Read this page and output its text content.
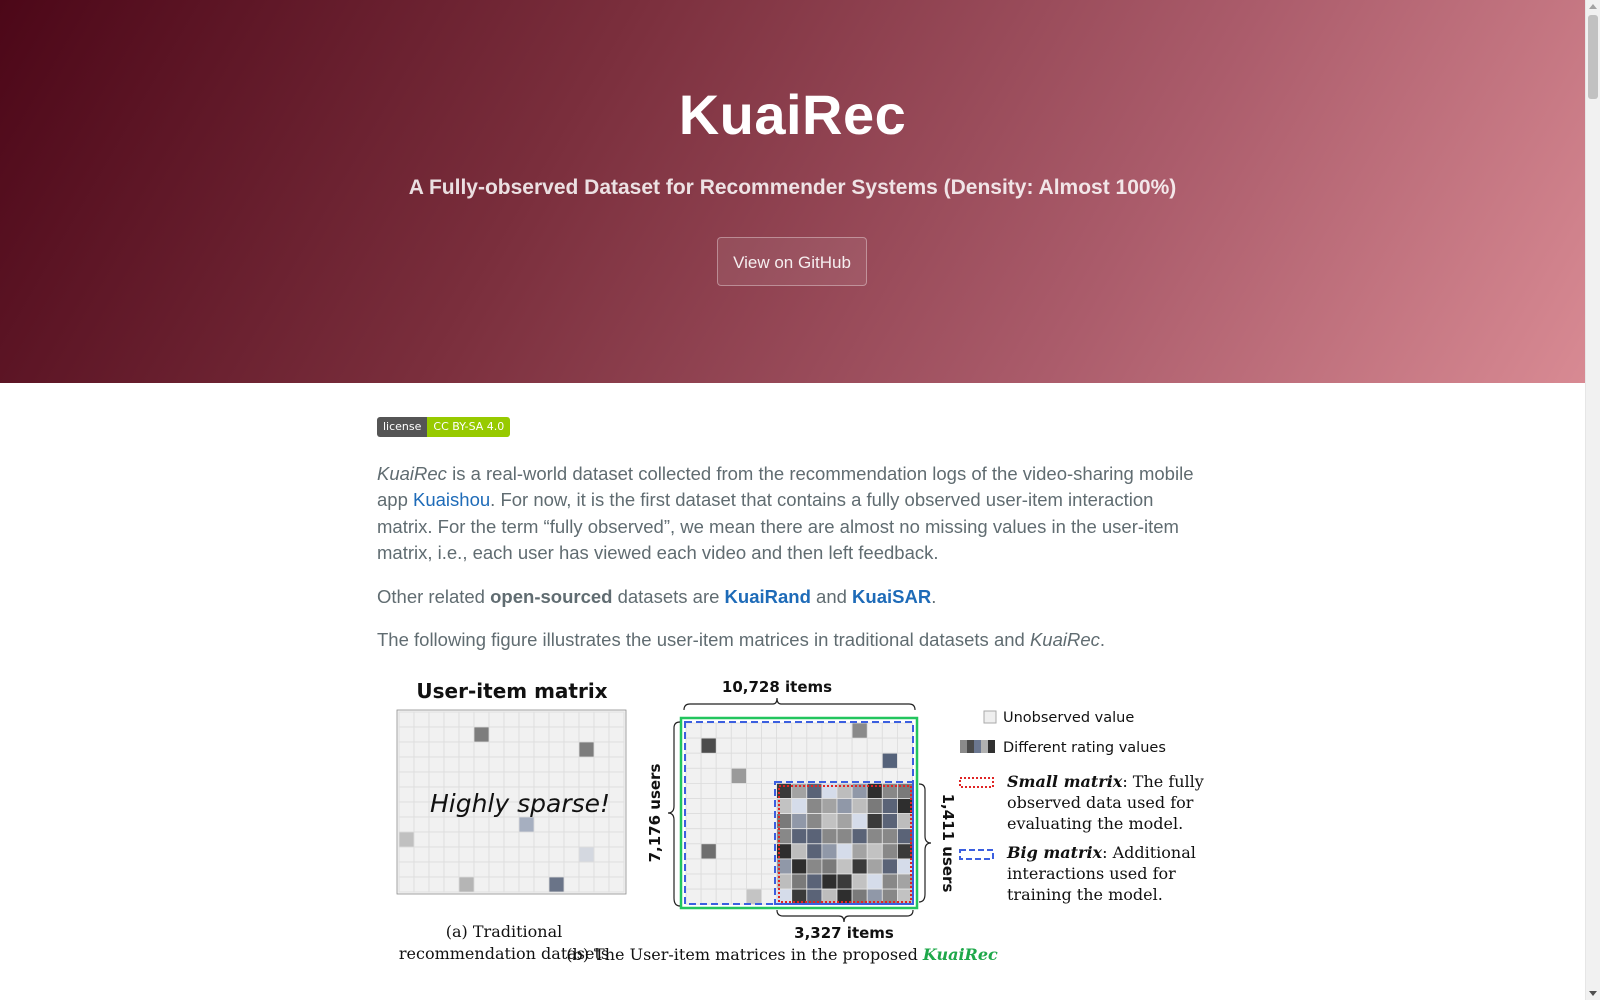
KuaiRec
A Fully-observed Dataset for Recommender Systems (Density: Almost 100%)
View on GitHub
license	CC BY-SA 4.0

KuaiRec is a real-world dataset collected from the recommendation logs of the video-sharing mobile app Kuaishou. For now, it is the first dataset that contains a fully observed user-item interaction matrix. For the term “fully observed”, we mean there are almost no missing values in the user-item matrix, i.e., each user has viewed each video and then left feedback.

Other related open-sourced datasets are KuaiRand and KuaiSAR.

The following figure illustrates the user-item matrices in traditional datasets and KuaiRec.

User-item matrix
Highly sparse!
(a) Traditional
recommendation datasets
10,728 items
7,176 users	1,411 users
3,327 items
(b) The User-item matrices in the proposed KuaiRec
Unobserved value
Different rating values
Small matrix: The fully
observed data used for
evaluating the model.
Big matrix: Additional
interactions used for
training the model.
